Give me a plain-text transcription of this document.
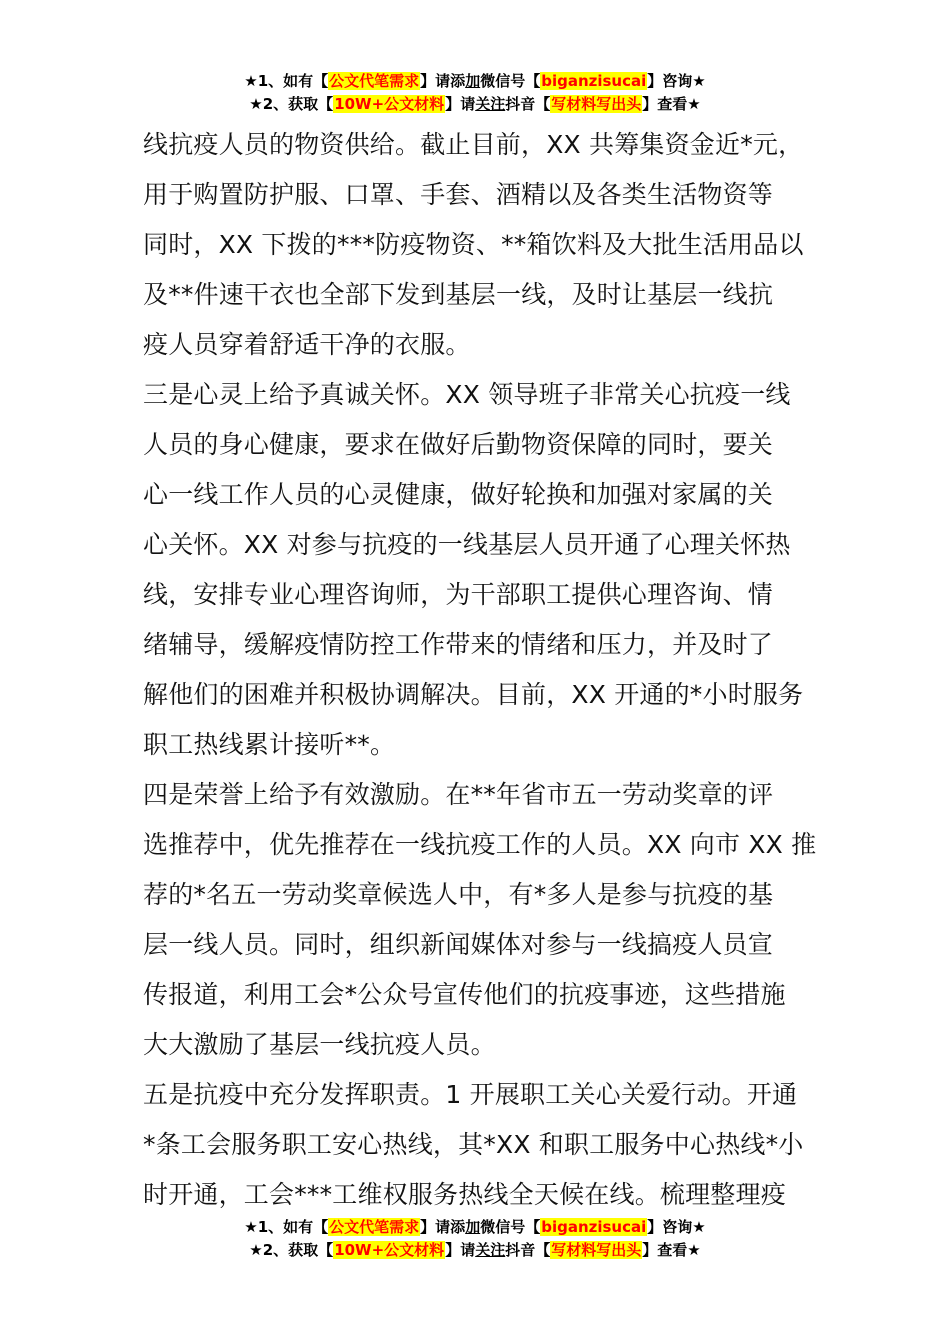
★1、如有【公文代笔需求】请添加微信号【biganzisucai】咨询★
★2、获取【10W+公文材料】请关注抖音【写材料写出头】查看★
线抗疫人员的物资供给。截止目前，XX 共筹集资金近*元，
用于购置防护服、口罩、手套、酒精以及各类生活物资等
同时，XX 下拨的***防疫物资、**箱饮料及大批生活用品以
及**件速干衣也全部下发到基层一线，及时让基层一线抗
疫人员穿着舒适干净的衣服。
三是心灵上给予真诚关怀。XX 领导班子非常关心抗疫一线
人员的身心健康，要求在做好后勤物资保障的同时，要关
心一线工作人员的心灵健康，做好轮换和加强对家属的关
心关怀。XX 对参与抗疫的一线基层人员开通了心理关怀热
线，安排专业心理咨询师，为干部职工提供心理咨询、情
绪辅导，缓解疫情防控工作带来的情绪和压力，并及时了
解他们的困难并积极协调解决。目前，XX 开通的*小时服务
职工热线累计接听**。
四是荣誉上给予有效激励。在**年省市五一劳动奖章的评
选推荐中，优先推荐在一线抗疫工作的人员。XX 向市 XX 推
荐的*名五一劳动奖章候选人中，有*多人是参与抗疫的基
层一线人员。同时，组织新闻媒体对参与一线搞疫人员宣
传报道，利用工会*公众号宣传他们的抗疫事迹，这些措施
大大激励了基层一线抗疫人员。
五是抗疫中充分发挥职责。1 开展职工关心关爱行动。开通
*条工会服务职工安心热线，其*XX 和职工服务中心热线*小
时开通，工会***工维权服务热线全天候在线。梳理整理疫
★1、如有【公文代笔需求】请添加微信号【biganzisucai】咨询★
★2、获取【10W+公文材料】请关注抖音【写材料写出头】查看★
